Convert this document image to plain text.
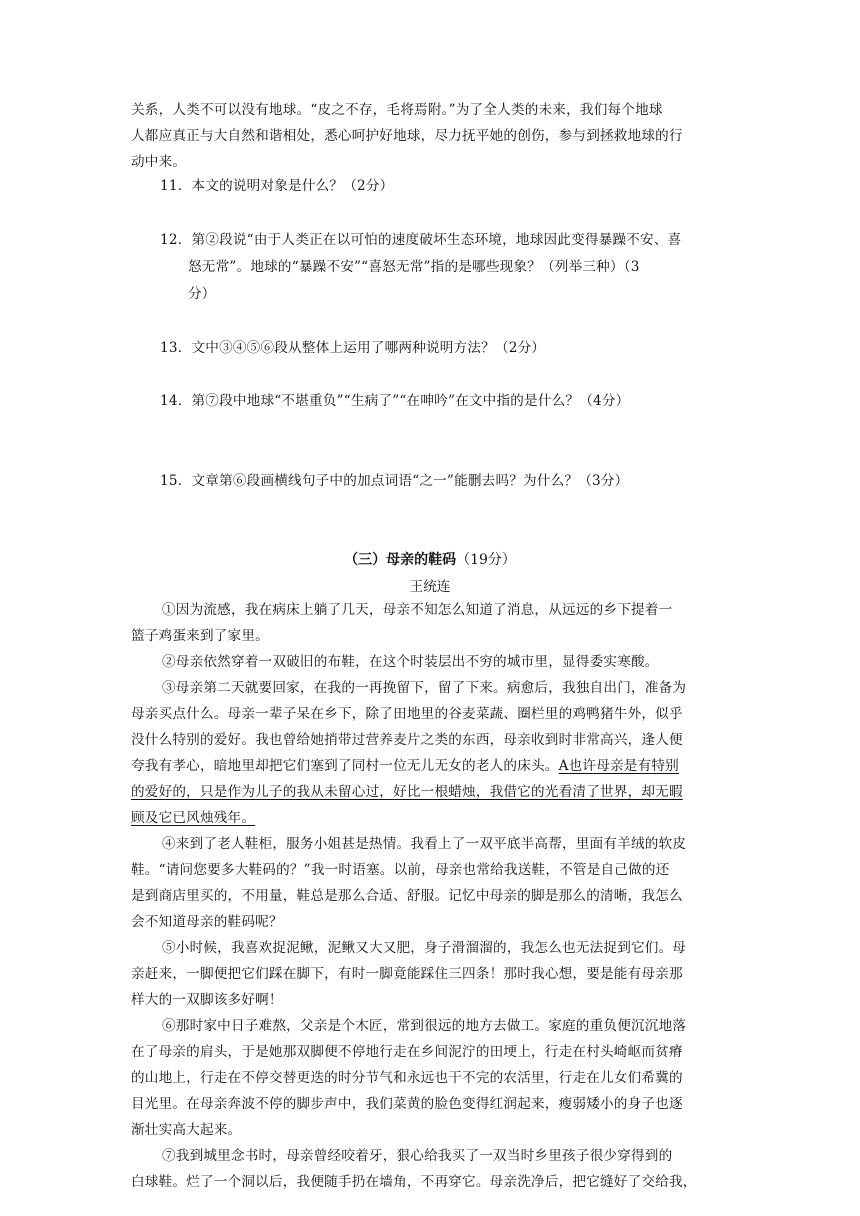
关系，人类不可以没有地球。“皮之不存，毛将焉附。”为了全人类的未来，我们每个地球
人都应真正与大自然和谐相处，悉心呵护好地球，尽力抚平她的创伤，参与到拯救地球的行
动中来。
11．本文的说明对象是什么？（2分）
12．第②段说“由于人类正在以可怕的速度破坏生态环境，地球因此变得暴躁不安、喜
怒无常”。地球的“暴躁不安”“喜怒无常”指的是哪些现象？（列举三种）（3
分）
13．文中③④⑤⑥段从整体上运用了哪两种说明方法？（2分）
14．第⑦段中地球“不堪重负”“生病了”“在呻吟”在文中指的是什么？（4分）
15．文章第⑥段画横线句子中的加点词语“之一”能删去吗？为什么？（3分）
（三）母亲的鞋码（19分）
王统连
①因为流感，我在病床上躺了几天，母亲不知怎么知道了消息，从远远的乡下提着一
篮子鸡蛋来到了家里。
②母亲依然穿着一双破旧的布鞋，在这个时装层出不穷的城市里，显得委实寒酸。
③母亲第二天就要回家，在我的一再挽留下，留了下来。病愈后，我独自出门，准备为
母亲买点什么。母亲一辈子呆在乡下，除了田地里的谷麦菜蔬、圈栏里的鸡鸭猪牛外，似乎
没什么特别的爱好。我也曾给她捎带过营养麦片之类的东西，母亲收到时非常高兴，逢人便
夸我有孝心，暗地里却把它们塞到了同村一位无儿无女的老人的床头。A也许母亲是有特别
的爱好的，只是作为儿子的我从未留心过，好比一根蜡烛，我借它的光看清了世界，却无暇
顾及它已风烛残年。
④来到了老人鞋柜，服务小姐甚是热情。我看上了一双平底半高帮，里面有羊绒的软皮
鞋。“请问您要多大鞋码的？”我一时语塞。以前，母亲也常给我送鞋，不管是自己做的还
是到商店里买的，不用量，鞋总是那么合适、舒服。记忆中母亲的脚是那么的清晰，我怎么
会不知道母亲的鞋码呢？
⑤小时候，我喜欢捉泥鳅，泥鳅又大又肥，身子滑溜溜的，我怎么也无法捉到它们。母
亲赶来，一脚便把它们踩在脚下，有时一脚竟能踩住三四条！那时我心想，要是能有母亲那
样大的一双脚该多好啊！
⑥那时家中日子难熬，父亲是个木匠，常到很远的地方去做工。家庭的重负便沉沉地落
在了母亲的肩头，于是她那双脚便不停地行走在乡间泥泞的田埂上，行走在村头崎岖而贫瘠
的山地上，行走在不停交替更迭的时分节气和永远也干不完的农活里，行走在儿女们希冀的
目光里。在母亲奔波不停的脚步声中，我们菜黄的脸色变得红润起来，瘦弱矮小的身子也逐
渐壮实高大起来。
⑦我到城里念书时，母亲曾经咬着牙，狠心给我买了一双当时乡里孩子很少穿得到的
白球鞋。烂了一个洞以后，我便随手扔在墙角，不再穿它。母亲洗净后，把它缝好了交给我，
